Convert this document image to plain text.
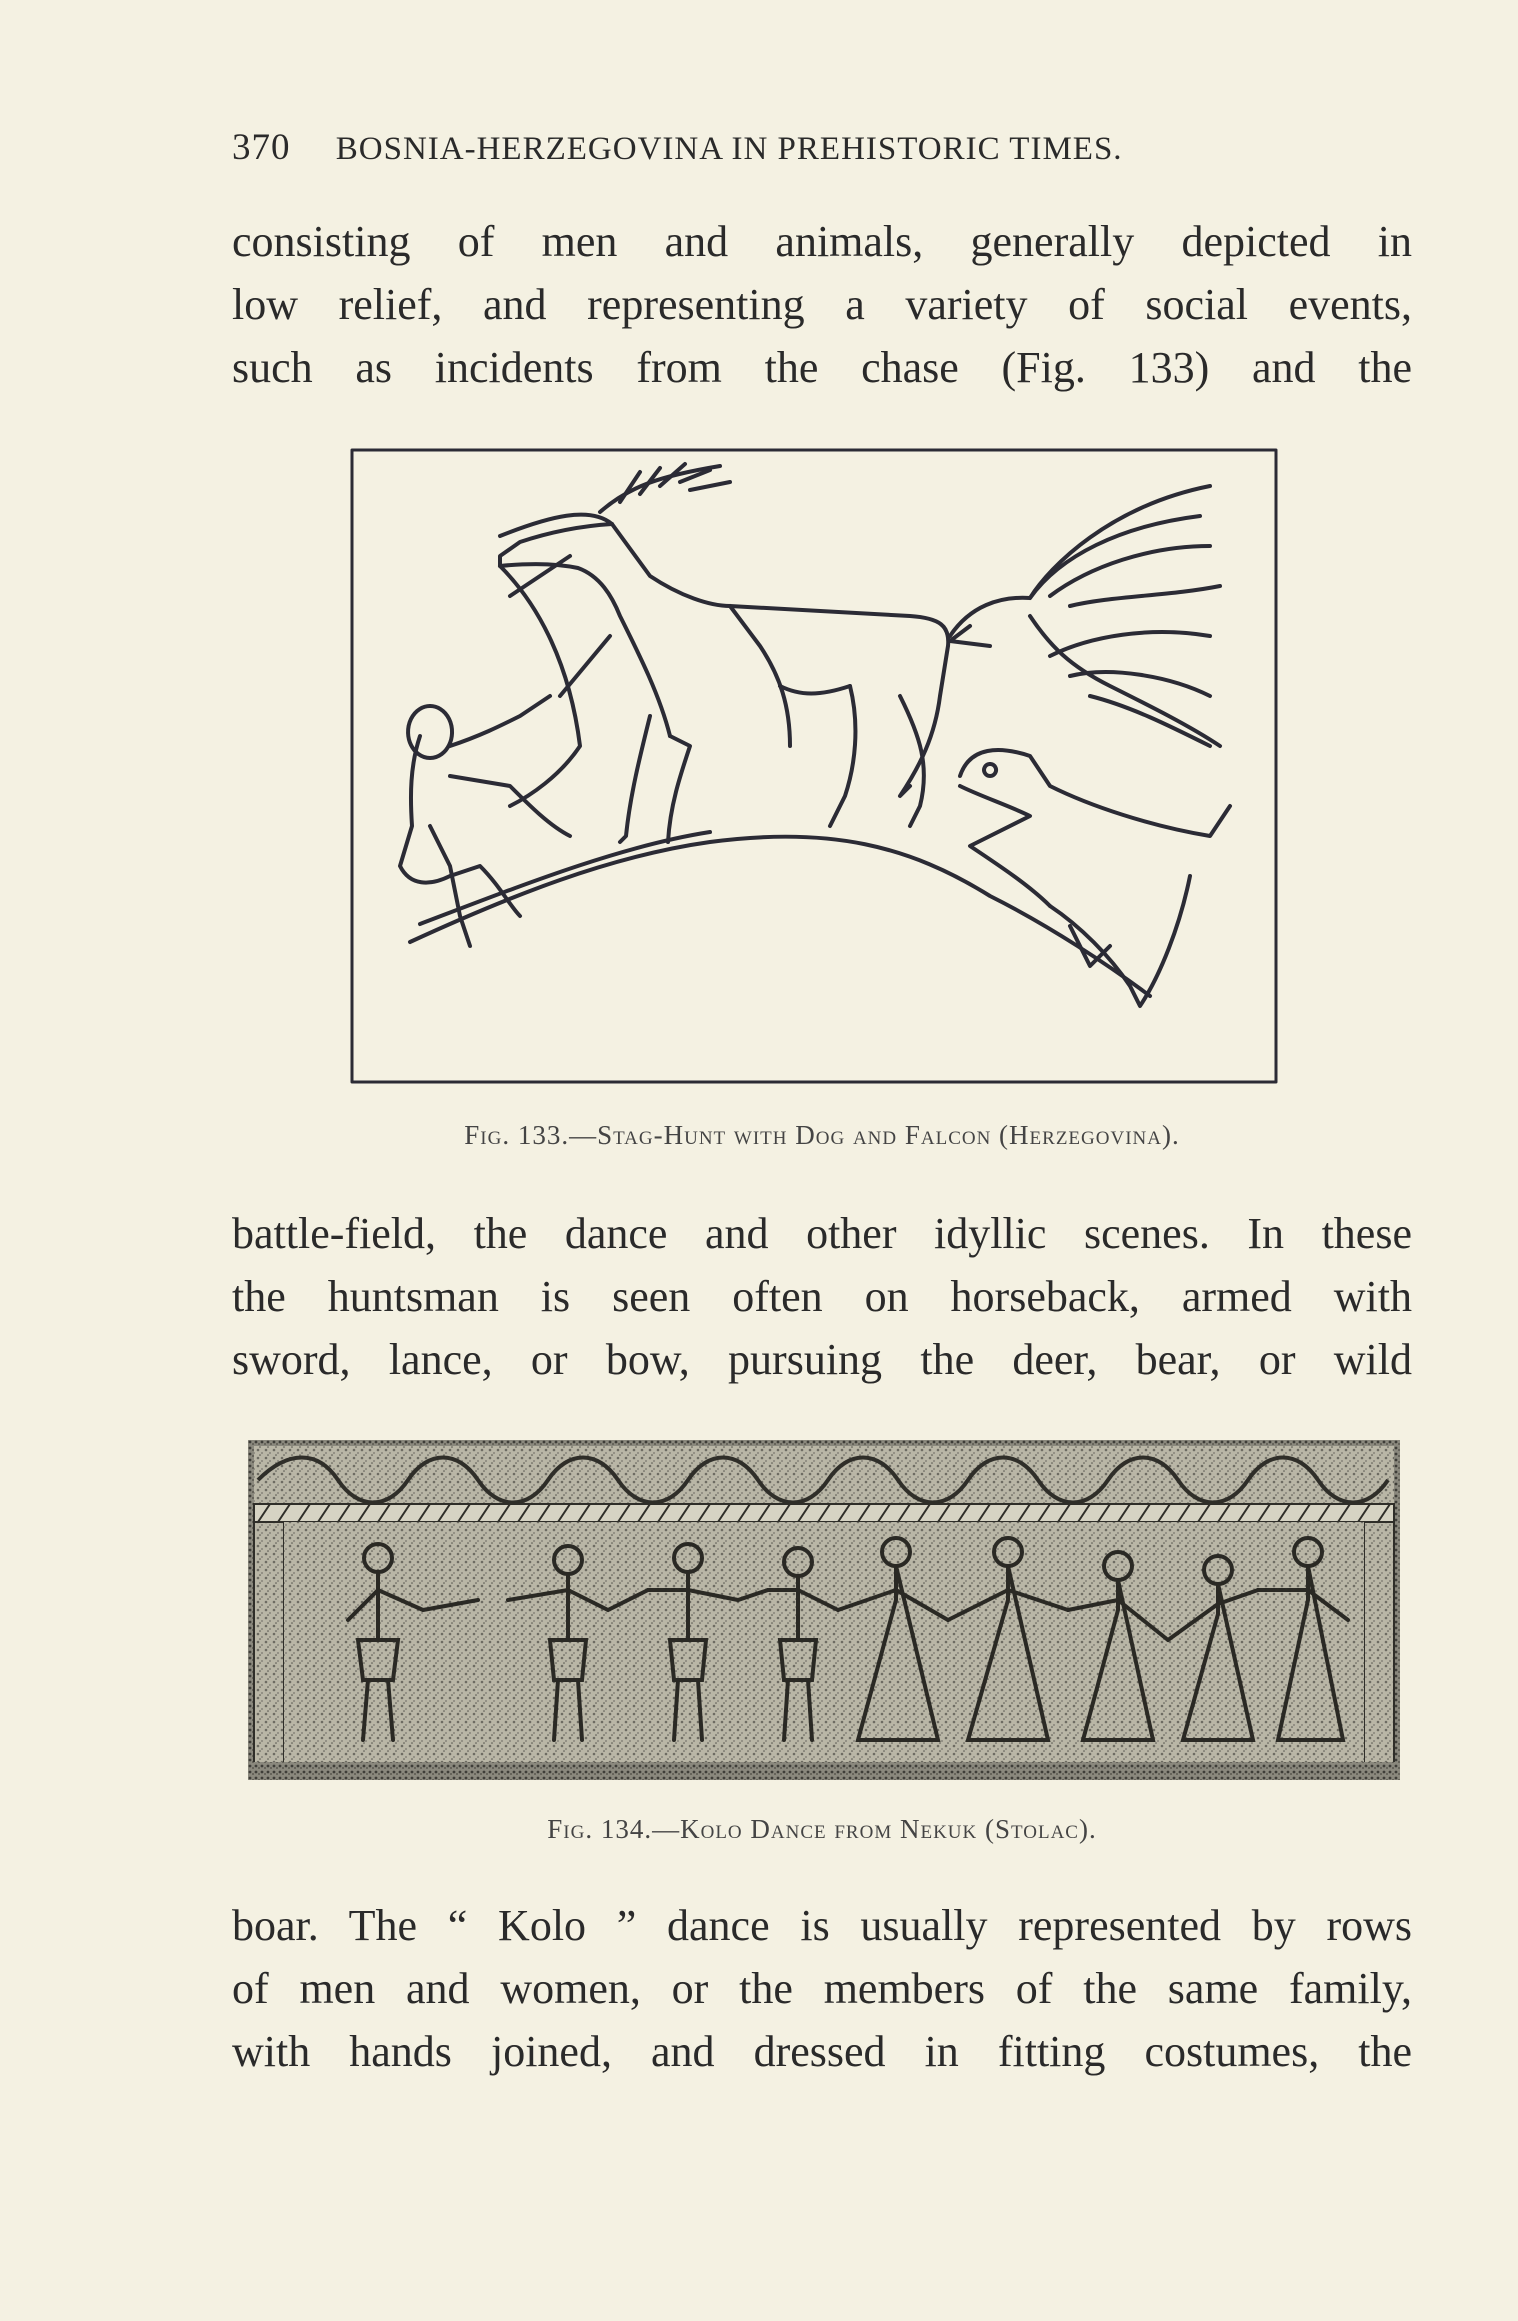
370 BOSNIA-HERZEGOVINA IN PREHISTORIC TIMES.
consisting of men and animals, generally depicted in
low relief, and representing a variety of social events,
such as incidents from the chase (Fig. 133) and the
Fig. 133.—Stag-Hunt with Dog and Falcon (Herzegovina).
battle-field, the dance and other idyllic scenes. In these
the huntsman is seen often on horseback, armed with
sword, lance, or bow, pursuing the deer, bear, or wild
Fig. 134.—Kolo Dance from Nekuk (Stolac).
boar. The “ Kolo ” dance is usually represented by rows
of men and women, or the members of the same family,
with hands joined, and dressed in fitting costumes, the
